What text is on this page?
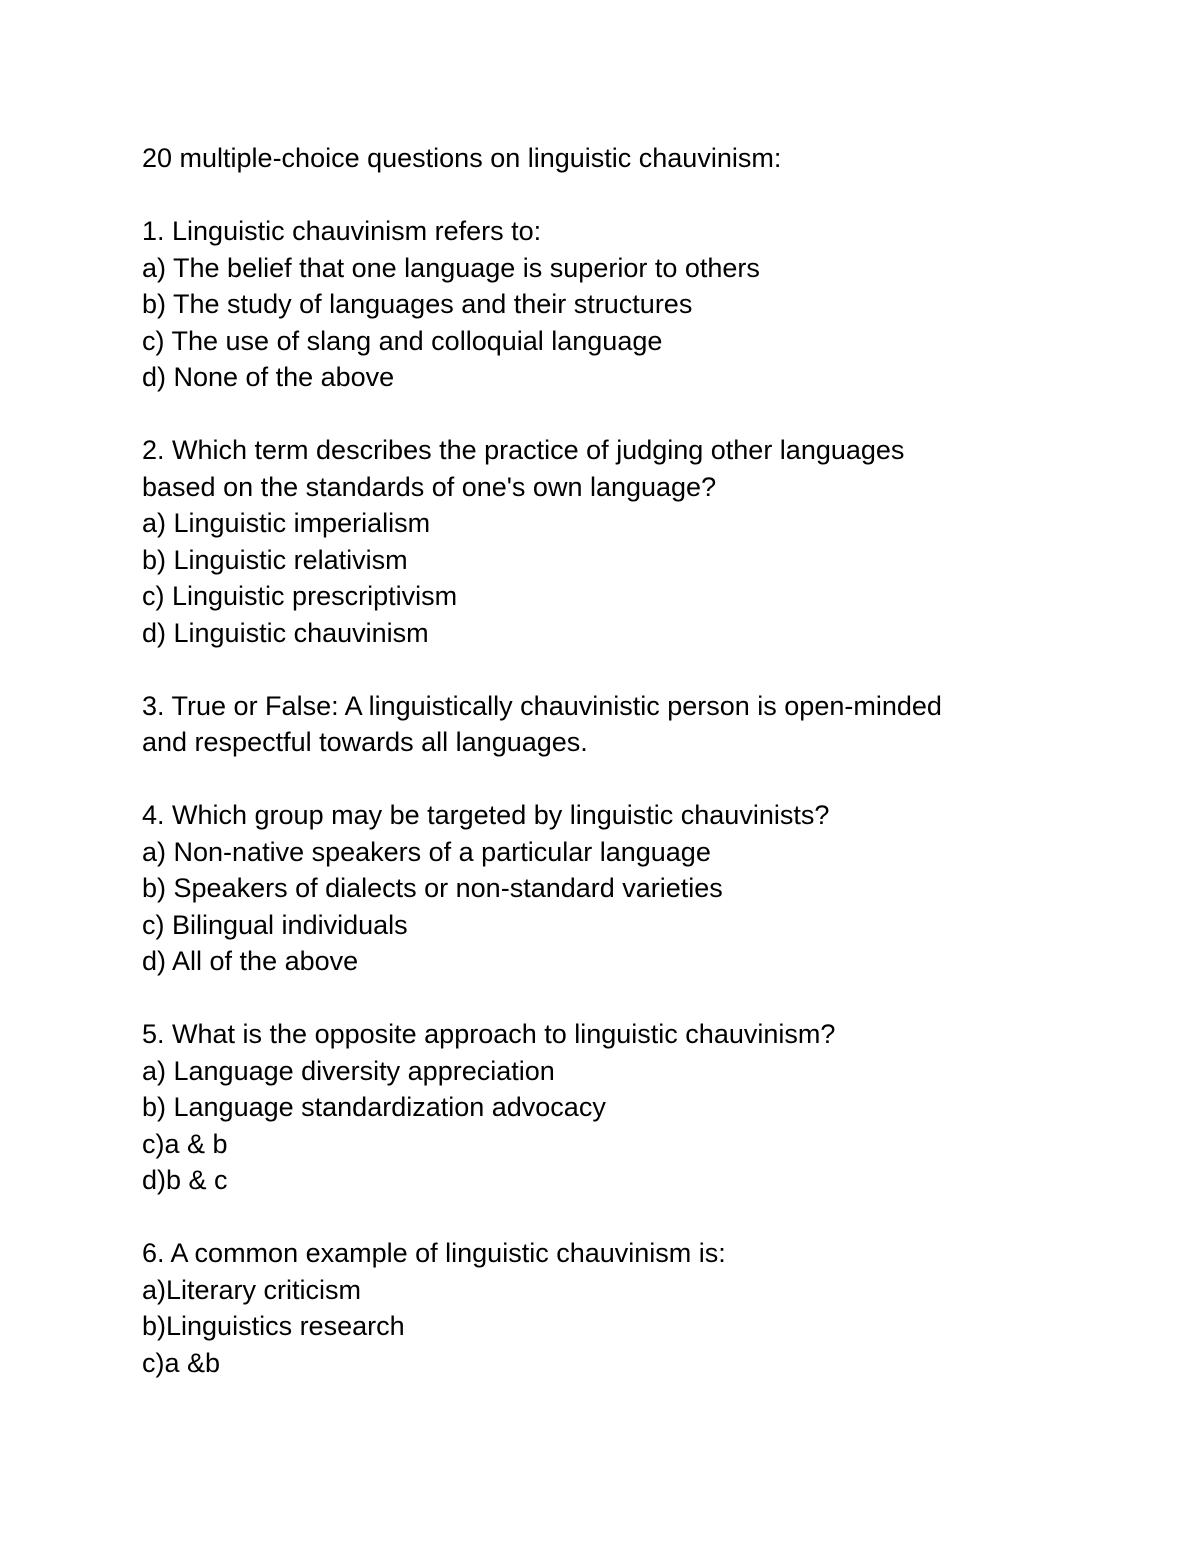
20 multiple-choice questions on linguistic chauvinism:
1. Linguistic chauvinism refers to:
a) The belief that one language is superior to others
b) The study of languages and their structures
c) The use of slang and colloquial language
d) None of the above
2. Which term describes the practice of judging other languages
based on the standards of one's own language?
a) Linguistic imperialism
b) Linguistic relativism
c) Linguistic prescriptivism
d) Linguistic chauvinism
3. True or False: A linguistically chauvinistic person is open-minded
and respectful towards all languages.
4. Which group may be targeted by linguistic chauvinists?
a) Non-native speakers of a particular language
b) Speakers of dialects or non-standard varieties
c) Bilingual individuals
d) All of the above
5. What is the opposite approach to linguistic chauvinism?
a) Language diversity appreciation
b) Language standardization advocacy
c)a & b
d)b & c
6. A common example of linguistic chauvinism is:
a)Literary criticism
b)Linguistics research
c)a &b
